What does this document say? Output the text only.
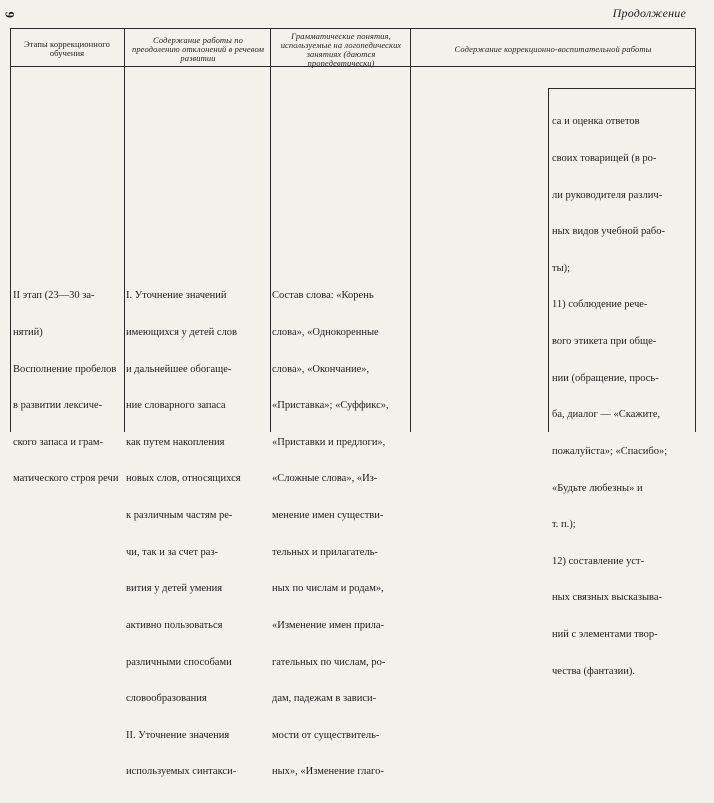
6	Продолжение
Этапы коррекционного обучения
Содержание работы по преодолению отклонений в речевом развитии
Грамматические понятия, используемые на логопедических занятиях (даются пропедевтически)
Содержание коррекционно-воспитательной работы

са и оценка ответов

своих товарищей (в ро-

ли руководителя различ-

ных видов учебной рабо-

ты);

11) соблюдение рече-

вого этикета при обще-

нии (обращение, прось-

ба, диалог — «Скажите,

пожалуйста»; «Спасибо»;

«Будьте любезны» и

т. п.);

12) составление уст-

ных связных высказыва-

ний с элементами твор-

чества (фантазии).

II этап (23—30 за-

нятий)

Восполнение пробелов

в развитии лексиче-

ского запаса и грам-

матического строя речи

I. Уточнение значений

имеющихся у детей слов

и дальнейшее обогаще-

ние словарного запаса

как путем накопления

новых слов, относящихся

к различным частям ре-

чи, так и за счет раз-

вития у детей умения

активно пользоваться

различными способами

словообразования

II. Уточнение значения

используемых синтакси-

Состав слова: «Корень

слова», «Однокоренные

слова», «Окончание»,

«Приставка»; «Суффикс»,

«Приставки и предлоги»,

«Сложные слова», «Из-

менение имен существи-

тельных и прилагатель-

ных по числам и родам»,

«Изменение имен прила-

гательных по числам, ро-

дам, падежам в зависи-

мости от существитель-

ных», «Изменение глаго-
